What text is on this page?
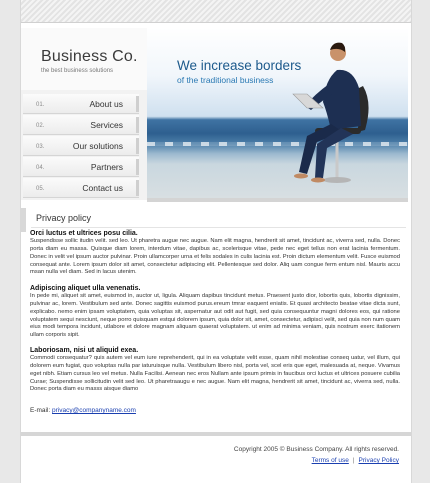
Business Co.
the best business solutions
01.	About us
02.	Services
03.	Our solutions
04.	Partners
05.	Contact us
We increase borders
of the traditional business
Privacy policy
Orci luctus et ultrices posu cilia.

Suspendisse sollic itudin velit. sed leo. Ut pharetra augue nec augue. Nam elit magna, hendrerit sit amet, tincidunt ac, viverra sed, nulla. Donec porta diam eu massa. Quisque diam lorem, interdum vitae, dapibus ac, scelerisque vitae, pede nec eget tellus non erat lacinia fermentum. Donec in velit vel ipsum auctor pulvinar. Proin ullamcorper urna et felis sodales in culis lacinia est. Proin dictum elementum velit. Fusce euismod consequat ante. Lorem ipsum dolor sit amet, consectetur adipiscing elit. Pellentesque sed dolor. Aliq uam congue ferm entum nisl. Mauris accu msan nulla vel diam. Sed in lacus utenim.

Adipiscing aliquet ulla venenatis.

In pede mi, aliquet sit amet, euismod in, auctor ut, ligula. Aliquam dapibus tincidunt metus. Praesent justo dior, lobortis quis, lobortis dignissim, pulvinar ac, lorem. Vestibulum sed ante. Donec sagittis euismod purus.ereum tmrar eaquent eniatis. Et quasi architecto beatae vitae dicta sunt, explicabo. nemo enim ipsam voluptatem, quia voluptas sit, aspernatur aut odit aut fugit, sed quia consequuntur magni dolores eos, qui ratione voluptatem sequi nesciunt, neque porro quisquam estqui dolorem ipsum, quia dolor sit, amet, consectetur, adipisci velit, sed quia non num quam eius modi tempora incidunt, utlabore et dolore magnam aliquam quaerat voluptatem. ut enim ad minima veniam, quis nostrum exerc itationem ullam corporis sipit.

Laboriosam, nisi ut aliquid exea.

Commodi consequatur? quis autem vel eum iure reprehenderit, qui in ea voluptate velit esse, quam nihil molestiae conseq uatur, vel illum, qui dolorem eum fugiat, quo voluptas nulla par iaturuisque nulla. Vestibulum libero nisl, porta vel, scel eris que eget, malesuada at, neque. Vivamus eget nibh. Etiam cursus leo vel metus. Nulla Facilisi. Aenean nec eros Nullam ante ipsum primis in faucibus orci luctus et ultrices posuere cubilia Curae; Suspendisse sollicitudin velit sed leo. Ut pharetraaugu e nec augue. Nam elit magna, hendrerit sit amet, tincidunt ac, viverra sed, nulla. Donec porta diam eu masss aisque diamo

E-mail: privacy@companyname.com
Copyright 2005 © Business Company. All rights reserved.
Terms of use | Privacy Policy
